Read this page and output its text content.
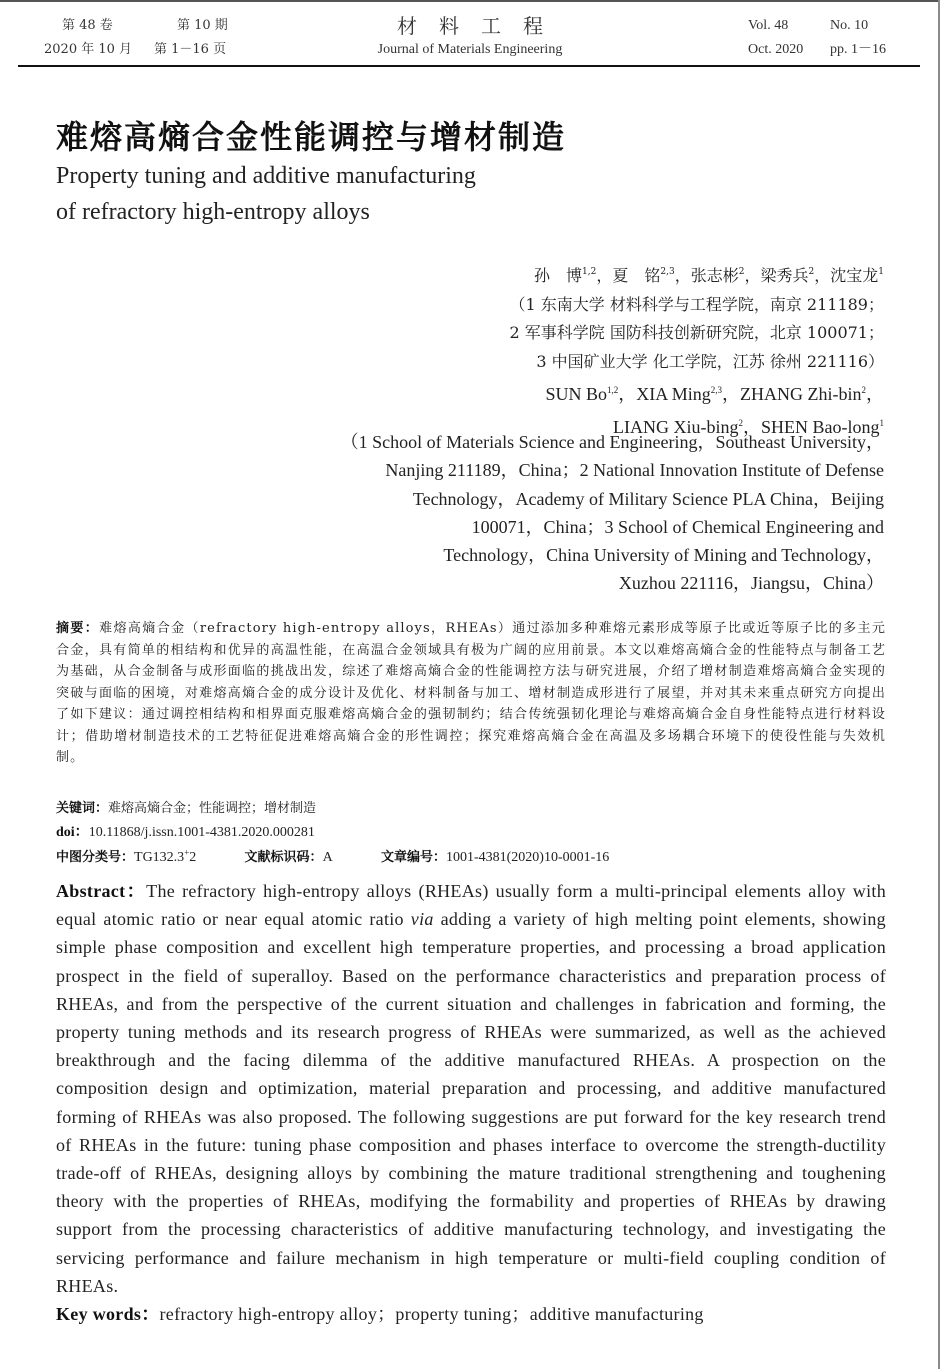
第 48 卷	第 10 期
2020 年 10 月 第 1－16 页
材料工程
Journal of Materials Engineering
Vol. 48	No. 10
Oct. 2020 pp. 1－16
难熔高熵合金性能调控与增材制造
Property tuning and additive manufacturing
of refractory high-entropy alloys
孙　博$^{1,2}$，夏　铭$^{2,3}$，张志彬$^2$，梁秀兵$^2$，沈宝龙$^1$
（1 东南大学 材料科学与工程学院，南京 211189；
2 军事科学院 国防科技创新研究院，北京 100071；
3 中国矿业大学 化工学院，江苏 徐州 221116）
SUN Bo$^{1,2}$，XIA Ming$^{2,3}$，ZHANG Zhi-bin$^2$，
LIANG Xiu-bing$^2$，SHEN Bao-long$^1$
（1 School of Materials Science and Engineering，Southeast University，
Nanjing 211189，China；2 National Innovation Institute of Defense
Technology，Academy of Military Science PLA China，Beijing
100071，China；3 School of Chemical Engineering and
Technology，China University of Mining and Technology，
Xuzhou 221116，Jiangsu，China）
摘要：难熔高熵合金（refractory high-entropy alloys，RHEAs）通过添加多种难熔元素形成等原子比或近等原子比的多主元合金，具有简单的相结构和优异的高温性能，在高温合金领域具有极为广阔的应用前景。本文以难熔高熵合金的性能特点与制备工艺为基础，从合金制备与成形面临的挑战出发，综述了难熔高熵合金的性能调控方法与研究进展，介绍了增材制造难熔高熵合金实现的突破与面临的困境，对难熔高熵合金的成分设计及优化、材料制备与加工、增材制造成形进行了展望，并对其未来重点研究方向提出了如下建议：通过调控相结构和相界面克服难熔高熵合金的强韧制约；结合传统强韧化理论与难熔高熵合金自身性能特点进行材料设计；借助增材制造技术的工艺特征促进难熔高熵合金的形性调控；探究难熔高熵合金在高温及多场耦合环境下的使役性能与失效机制。
关键词：难熔高熵合金；性能调控；增材制造
doi：10.11868/j.issn.1001-4381.2020.000281
中图分类号：TG132.3+2	文献标识码：A	文章编号：1001-4381(2020)10-0001-16
Abstract：The refractory high-entropy alloys (RHEAs) usually form a multi-principal elements alloy with equal atomic ratio or near equal atomic ratio via adding a variety of high melting point elements, showing simple phase composition and excellent high temperature properties, and processing a broad application prospect in the field of superalloy. Based on the performance characteristics and preparation process of RHEAs, and from the perspective of the current situation and challenges in fabrication and forming, the property tuning methods and its research progress of RHEAs were summarized, as well as the achieved breakthrough and the facing dilemma of the additive manufactured RHEAs. A prospection on the composition design and optimization, material preparation and processing, and additive manufactured forming of RHEAs was also proposed. The following suggestions are put forward for the key research trend of RHEAs in the future: tuning phase composition and phases interface to overcome the strength-ductility trade-off of RHEAs, designing alloys by combining the mature traditional strengthening and toughening theory with the properties of RHEAs, modifying the formability and properties of RHEAs by drawing support from the processing characteristics of additive manufacturing technology, and investigating the servicing performance and failure mechanism in high temperature or multi-field coupling condition of RHEAs.
Key words：refractory high-entropy alloy；property tuning；additive manufacturing
